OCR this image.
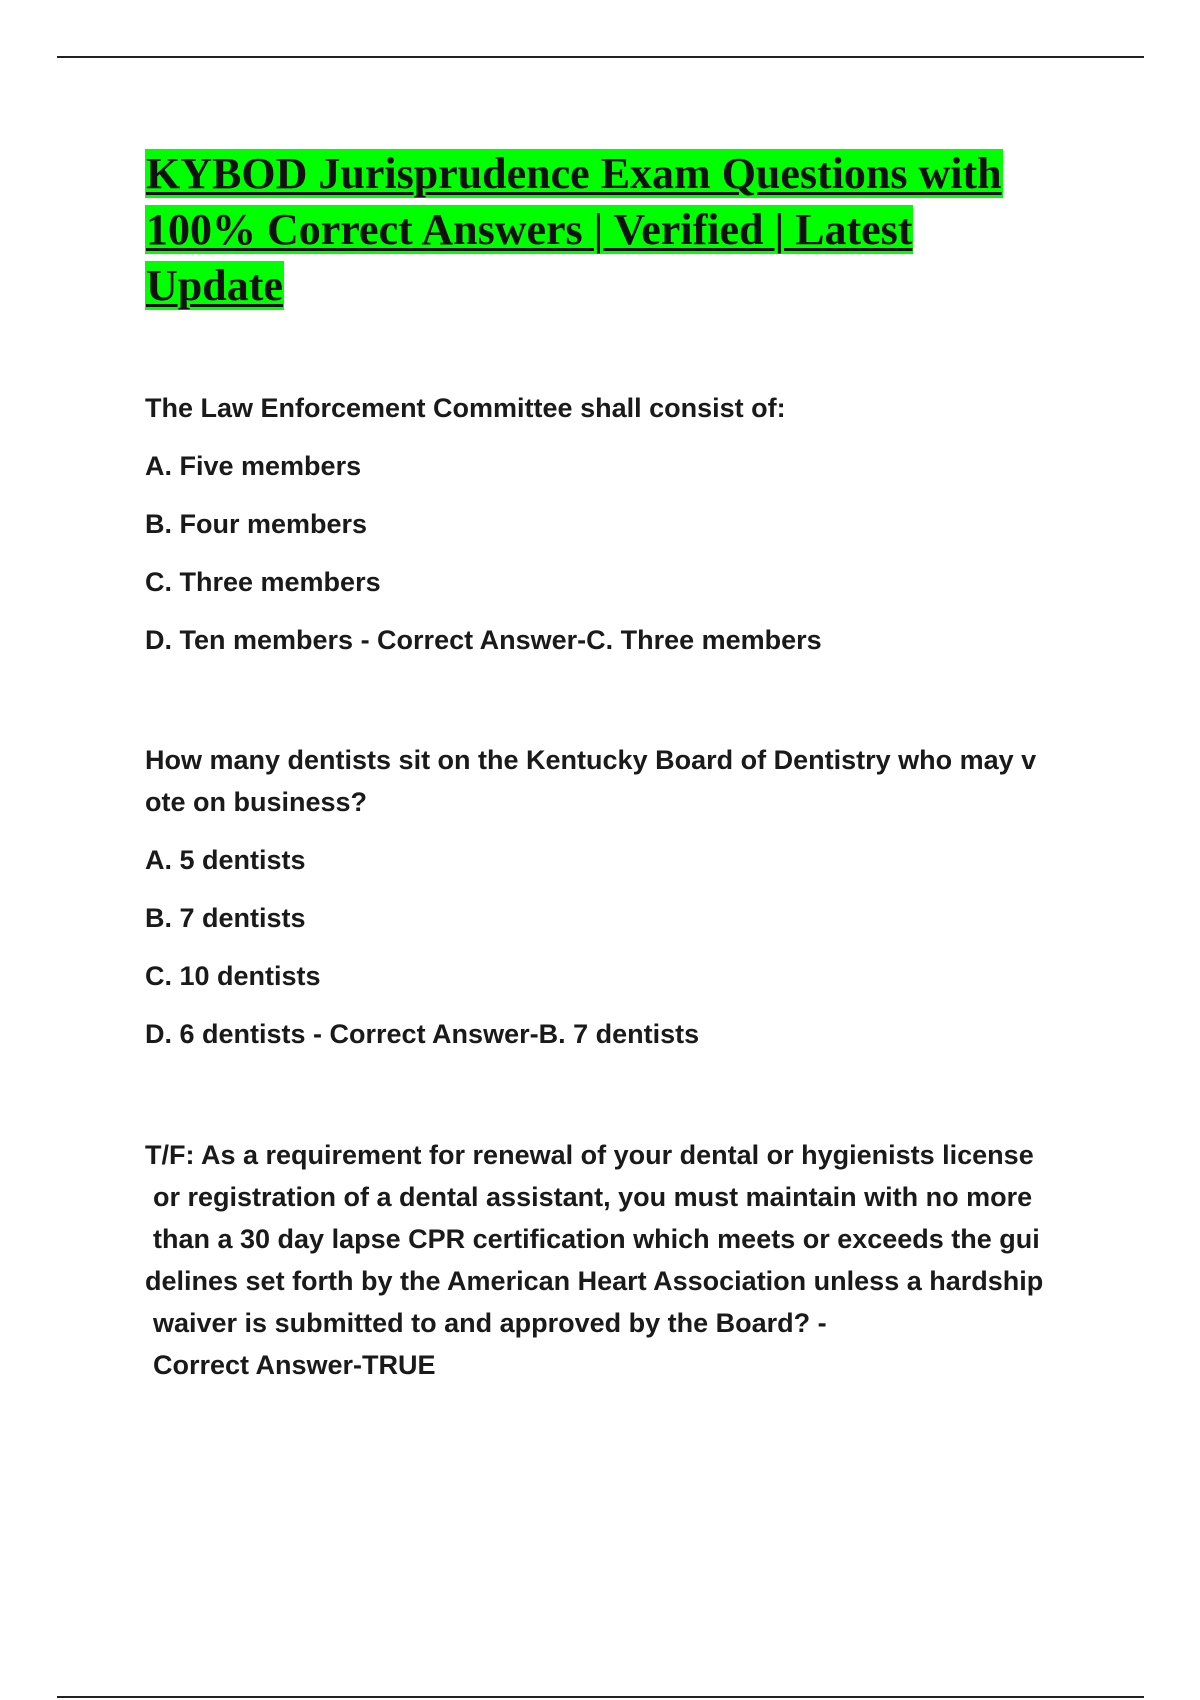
KYBOD Jurisprudence Exam Questions with
100% Correct Answers | Verified | Latest
Update

The Law Enforcement Committee shall consist of:

A. Five members

B. Four members

C. Three members

D. Ten members - Correct Answer-C. Three members

How many dentists sit on the Kentucky Board of Dentistry who may v

ote on business?

A. 5 dentists

B. 7 dentists

C. 10 dentists

D. 6 dentists - Correct Answer-B. 7 dentists

T/F: As a requirement for renewal of your dental or hygienists license

or registration of a dental assistant, you must maintain with no more

than a 30 day lapse CPR certification which meets or exceeds the gui

delines set forth by the American Heart Association unless a hardship

waiver is submitted to and approved by the Board? -

Correct Answer-TRUE
